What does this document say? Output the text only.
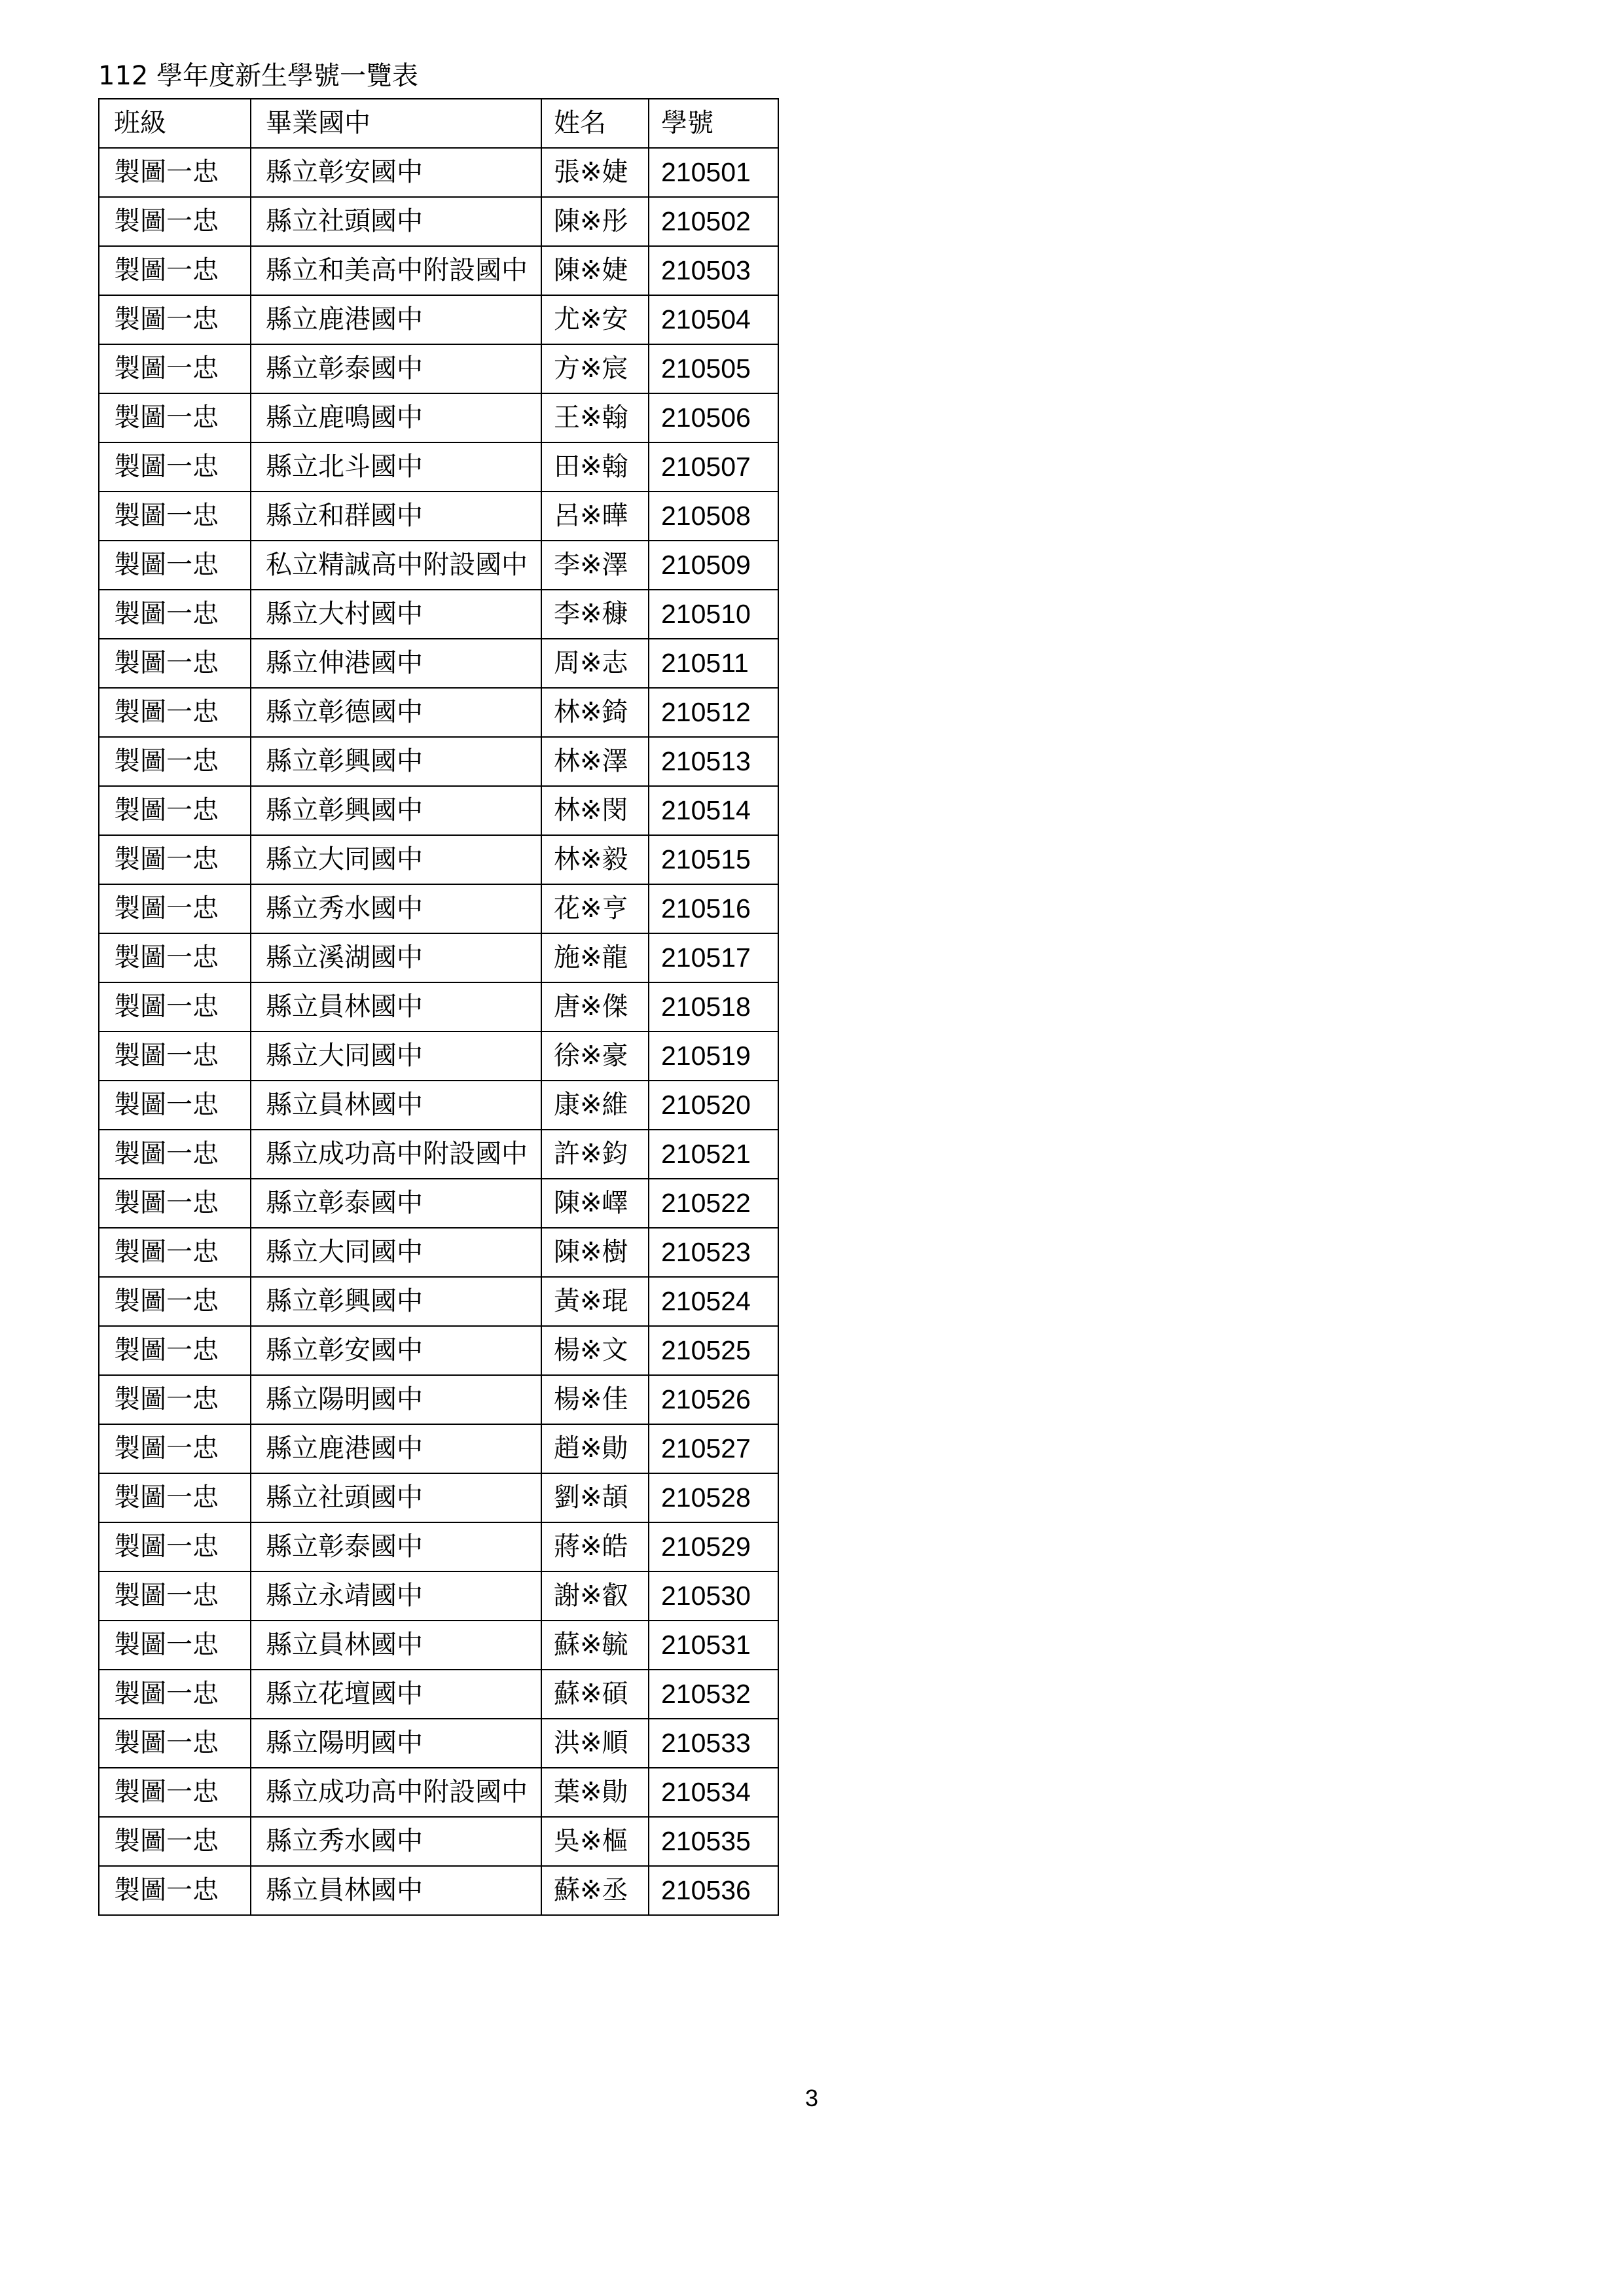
112 學年度新生學號一覽表
班級	畢業國中	姓名	學號
製圖一忠	縣立彰安國中	張※婕	210501
製圖一忠	縣立社頭國中	陳※彤	210502
製圖一忠	縣立和美高中附設國中	陳※婕	210503
製圖一忠	縣立鹿港國中	尤※安	210504
製圖一忠	縣立彰泰國中	方※宸	210505
製圖一忠	縣立鹿鳴國中	王※翰	210506
製圖一忠	縣立北斗國中	田※翰	210507
製圖一忠	縣立和群國中	呂※曄	210508
製圖一忠	私立精誠高中附設國中	李※澤	210509
製圖一忠	縣立大村國中	李※穅	210510
製圖一忠	縣立伸港國中	周※志	210511
製圖一忠	縣立彰德國中	林※錡	210512
製圖一忠	縣立彰興國中	林※澤	210513
製圖一忠	縣立彰興國中	林※閔	210514
製圖一忠	縣立大同國中	林※毅	210515
製圖一忠	縣立秀水國中	花※亨	210516
製圖一忠	縣立溪湖國中	施※龍	210517
製圖一忠	縣立員林國中	唐※傑	210518
製圖一忠	縣立大同國中	徐※豪	210519
製圖一忠	縣立員林國中	康※維	210520
製圖一忠	縣立成功高中附設國中	許※鈞	210521
製圖一忠	縣立彰泰國中	陳※嶧	210522
製圖一忠	縣立大同國中	陳※樹	210523
製圖一忠	縣立彰興國中	黃※琨	210524
製圖一忠	縣立彰安國中	楊※文	210525
製圖一忠	縣立陽明國中	楊※佳	210526
製圖一忠	縣立鹿港國中	趙※勛	210527
製圖一忠	縣立社頭國中	劉※頡	210528
製圖一忠	縣立彰泰國中	蔣※皓	210529
製圖一忠	縣立永靖國中	謝※叡	210530
製圖一忠	縣立員林國中	蘇※毓	210531
製圖一忠	縣立花壇國中	蘇※碩	210532
製圖一忠	縣立陽明國中	洪※順	210533
製圖一忠	縣立成功高中附設國中	葉※勛	210534
製圖一忠	縣立秀水國中	吳※樞	210535
製圖一忠	縣立員林國中	蘇※丞	210536
3
